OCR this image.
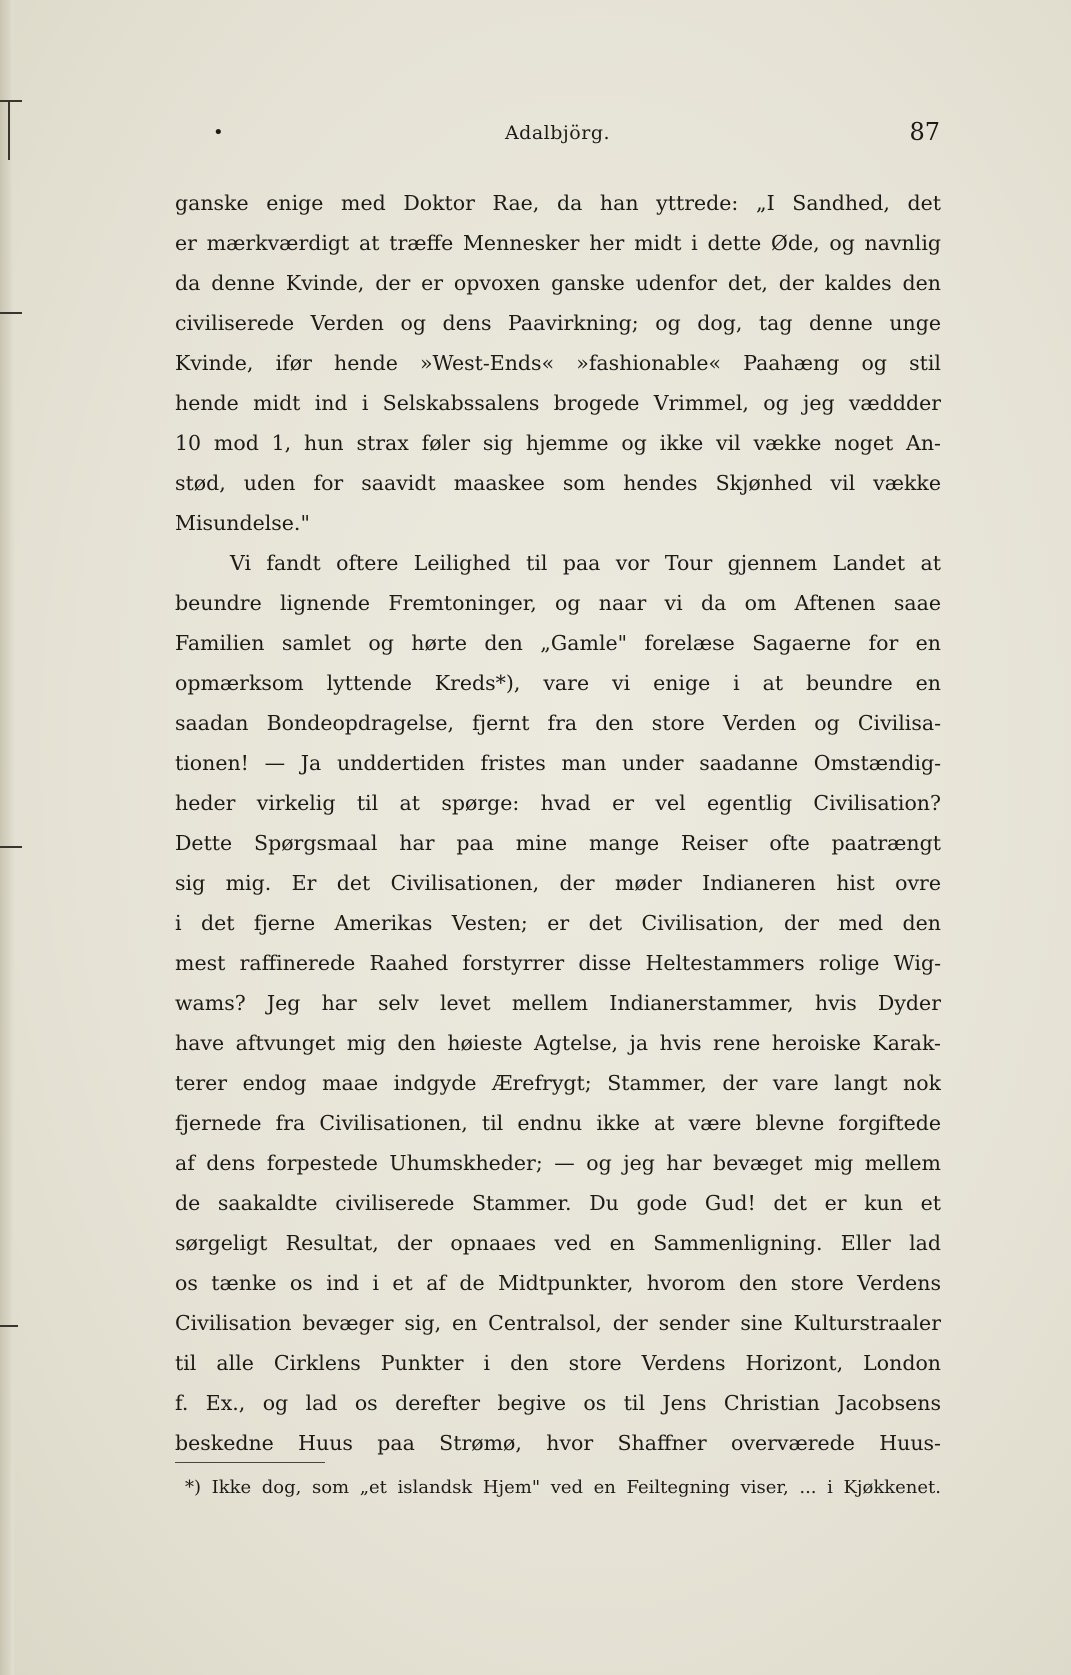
•	Adalbjörg.	87
ganske enige med Doktor Rae, da han yttrede: „I Sandhed, det
er mærkværdigt at træffe Mennesker her midt i dette Øde, og navnlig
da denne Kvinde, der er opvoxen ganske udenfor det, der kaldes den
civiliserede Verden og dens Paavirkning; og dog, tag denne unge
Kvinde, ifør hende »West-Ends« »fashionable« Paahæng og stil
hende midt ind i Selskabssalens brogede Vrimmel, og jeg væddder
10 mod 1, hun strax føler sig hjemme og ikke vil vække noget An-
stød, uden for saavidt maaskee som hendes Skjønhed vil vække
Misundelse."
Vi fandt oftere Leilighed til paa vor Tour gjennem Landet at
beundre lignende Fremtoninger, og naar vi da om Aftenen saae
Familien samlet og hørte den „Gamle" forelæse Sagaerne for en
opmærksom lyttende Kreds*), vare vi enige i at beundre en
saadan Bondeopdragelse, fjernt fra den store Verden og Civilisa-
tionen! — Ja unddertiden fristes man under saadanne Omstændig-
heder virkelig til at spørge: hvad er vel egentlig Civilisation?
Dette Spørgsmaal har paa mine mange Reiser ofte paatrængt
sig mig. Er det Civilisationen, der møder Indianeren hist ovre
i det fjerne Amerikas Vesten; er det Civilisation, der med den
mest raffinerede Raahed forstyrrer disse Heltestammers rolige Wig-
wams? Jeg har selv levet mellem Indianerstammer, hvis Dyder
have aftvunget mig den høieste Agtelse, ja hvis rene heroiske Karak-
terer endog maae indgyde Ærefrygt; Stammer, der vare langt nok
fjernede fra Civilisationen, til endnu ikke at være blevne forgiftede
af dens forpestede Uhumskheder; — og jeg har bevæget mig mellem
de saakaldte civiliserede Stammer. Du gode Gud! det er kun et
sørgeligt Resultat, der opnaaes ved en Sammenligning. Eller lad
os tænke os ind i et af de Midtpunkter, hvorom den store Verdens
Civilisation bevæger sig, en Centralsol, der sender sine Kulturstraaler
til alle Cirklens Punkter i den store Verdens Horizont, London
f. Ex., og lad os derefter begive os til Jens Christian Jacobsens
beskedne Huus paa Strømø, hvor Shaffner overværede Huus-
*) Ikke dog, som „et islandsk Hjem" ved en Feiltegning viser, ... i Kjøkkenet.
